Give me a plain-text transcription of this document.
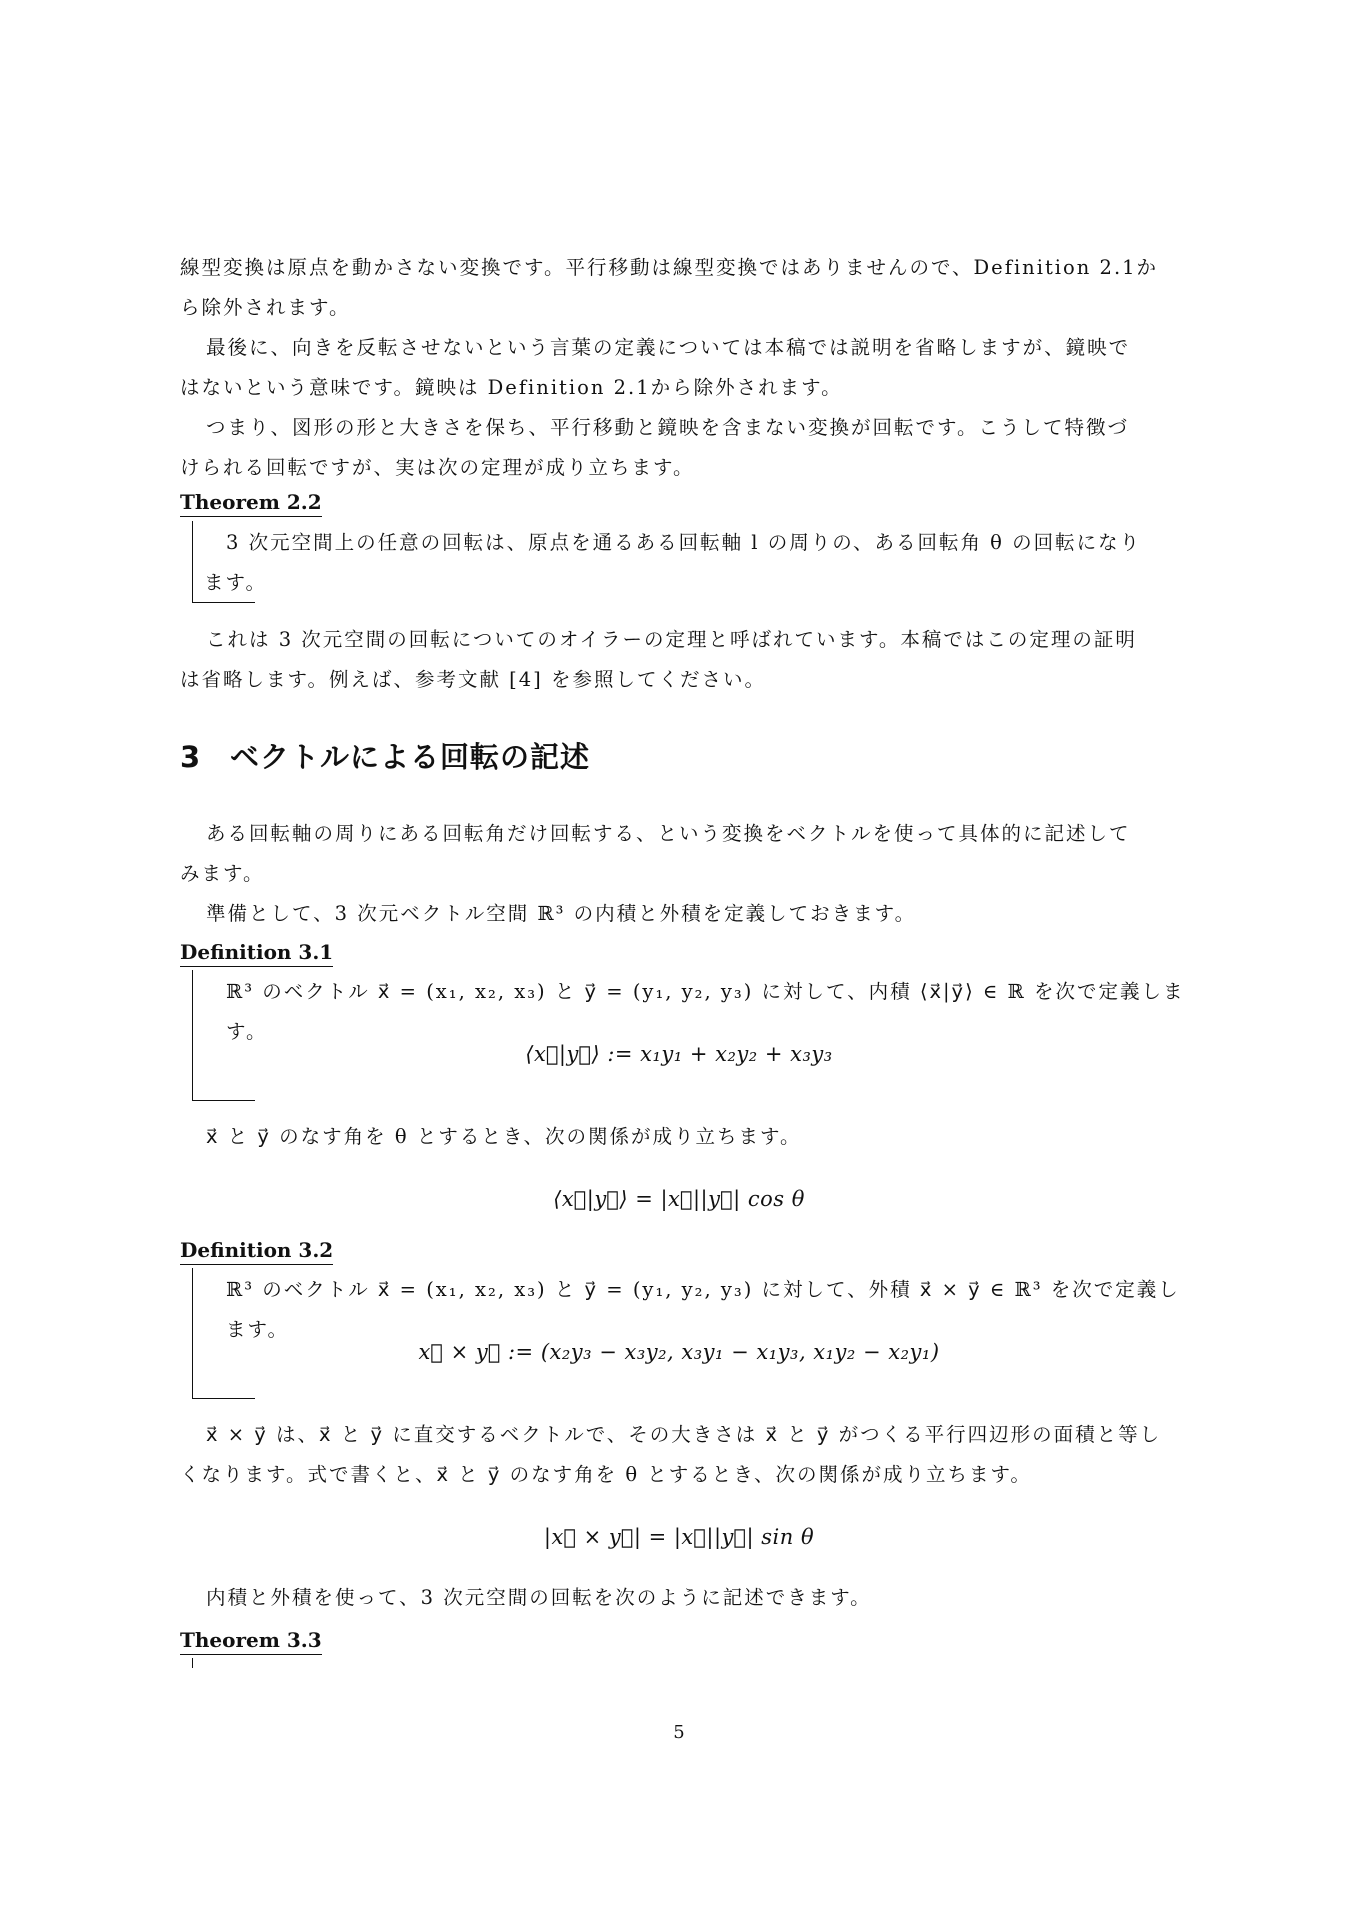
線型変換は原点を動かさない変換です。平行移動は線型変換ではありませんので、Definition 2.1か

ら除外されます。

最後に、向きを反転させないという言葉の定義については本稿では説明を省略しますが、鏡映で

はないという意味です。鏡映は Definition 2.1から除外されます。

つまり、図形の形と大きさを保ち、平行移動と鏡映を含まない変換が回転です。こうして特徴づ

けられる回転ですが、実は次の定理が成り立ちます。

Theorem 2.2
3 次元空間上の任意の回転は、原点を通るある回転軸 l の周りの、ある回転角 θ の回転になり
ます。

これは 3 次元空間の回転についてのオイラーの定理と呼ばれています。本稿ではこの定理の証明

は省略します。例えば、参考文献 [4] を参照してください。

3 ベクトルによる回転の記述

ある回転軸の周りにある回転角だけ回転する、という変換をベクトルを使って具体的に記述して

みます。

準備として、3 次元ベクトル空間 ℝ³ の内積と外積を定義しておきます。

Definition 3.1
ℝ³ のベクトル x⃗ = (x₁, x₂, x₃) と y⃗ = (y₁, y₂, y₃) に対して、内積 ⟨x⃗|y⃗⟩ ∈ ℝ を次で定義します。
⟨x⃗|y⃗⟩ := x₁y₁ + x₂y₂ + x₃y₃

x⃗ と y⃗ のなす角を θ とするとき、次の関係が成り立ちます。

⟨x⃗|y⃗⟩ = |x⃗||y⃗| cos θ
Definition 3.2
ℝ³ のベクトル x⃗ = (x₁, x₂, x₃) と y⃗ = (y₁, y₂, y₃) に対して、外積 x⃗ × y⃗ ∈ ℝ³ を次で定義します。
x⃗ × y⃗ := (x₂y₃ − x₃y₂, x₃y₁ − x₁y₃, x₁y₂ − x₂y₁)

x⃗ × y⃗ は、x⃗ と y⃗ に直交するベクトルで、その大きさは x⃗ と y⃗ がつくる平行四辺形の面積と等し

くなります。式で書くと、x⃗ と y⃗ のなす角を θ とするとき、次の関係が成り立ちます。

|x⃗ × y⃗| = |x⃗||y⃗| sin θ

内積と外積を使って、3 次元空間の回転を次のように記述できます。

Theorem 3.3
5
